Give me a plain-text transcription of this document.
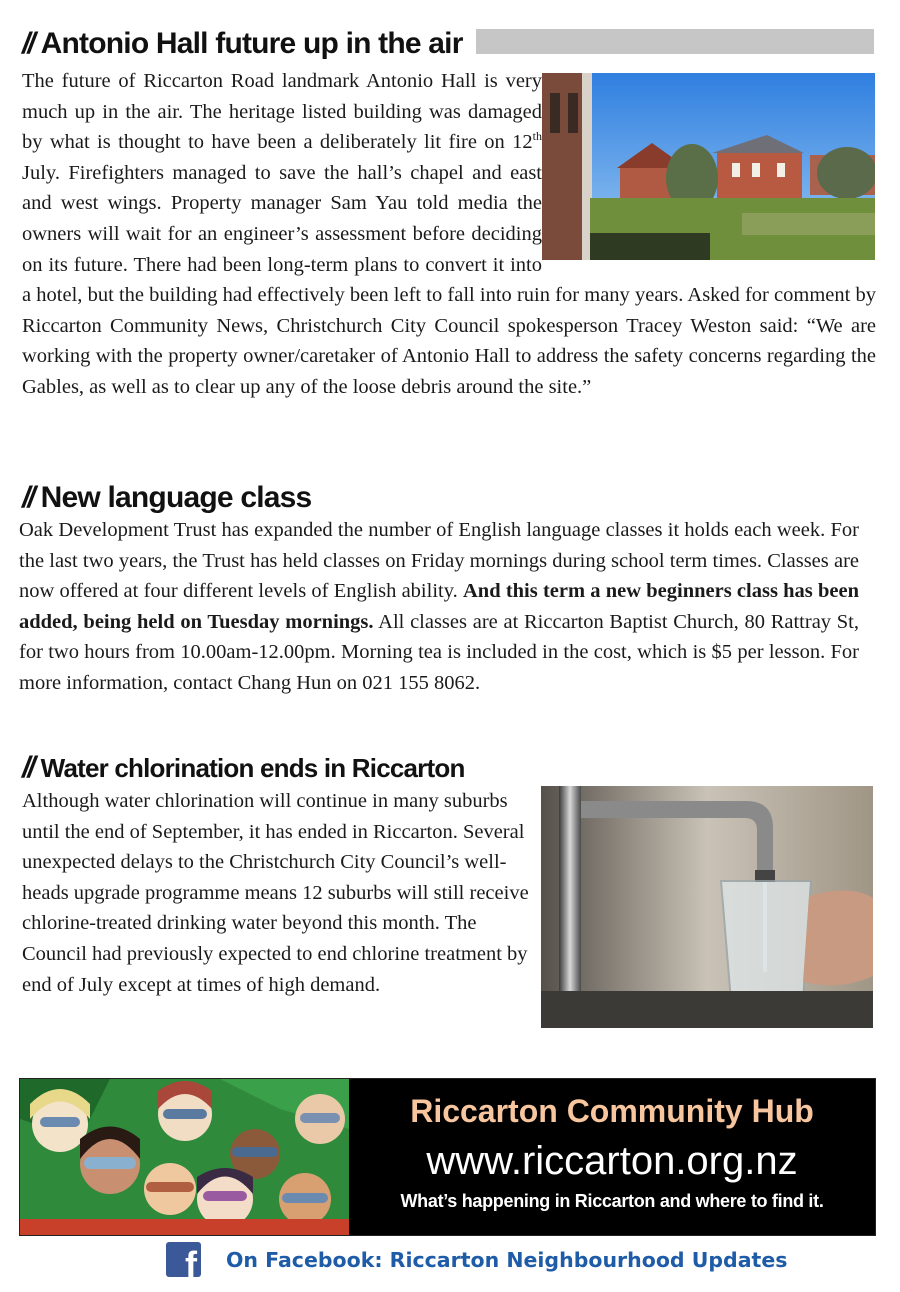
// Antonio Hall future up in the air

The future of Riccarton Road landmark Antonio Hall is very much up in the air. The heritage listed building was damaged by what is thought to have been a deliberately lit fire on 12th July. Firefighters managed to save the hall’s chapel and east and west wings. Property manager Sam Yau told media the owners will wait for an engineer’s assessment before deciding on its future. There had been long-term plans to convert it into a hotel, but the building had effectively been left to fall into ruin for many years. Asked for comment by Riccarton Community News, Christchurch City Council spokesperson Tracey Weston said: “We are working with the property owner/caretaker of Antonio Hall to address the safety concerns regarding the Gables, as well as to clear up any of the loose debris around the site.”

// New language class

Oak Development Trust has expanded the number of English language classes it holds each week. For the last two years, the Trust has held classes on Friday mornings during school term times. Classes are now offered at four different levels of English ability. And this term a new beginners class has been added, being held on Tuesday mornings. All classes are at Riccarton Baptist Church, 80 Rattray St, for two hours from 10.00am-12.00pm. Morning tea is included in the cost, which is $5 per lesson. For more information, contact Chang Hun on 021 155 8062.

// Water chlorination ends in Riccarton

Although water chlorination will continue in many suburbs until the end of September, it has ended in Riccarton. Several unexpected delays to the Christchurch City Council’s well-heads upgrade programme means 12 suburbs will still receive chlorine-treated drinking water beyond this month. The Council had previously expected to end chlorine treatment by end of July except at times of high demand.

Riccarton Community Hub
www.riccarton.org.nz
What’s happening in Riccarton and where to find it.
f On Facebook: Riccarton Neighbourhood Updates
